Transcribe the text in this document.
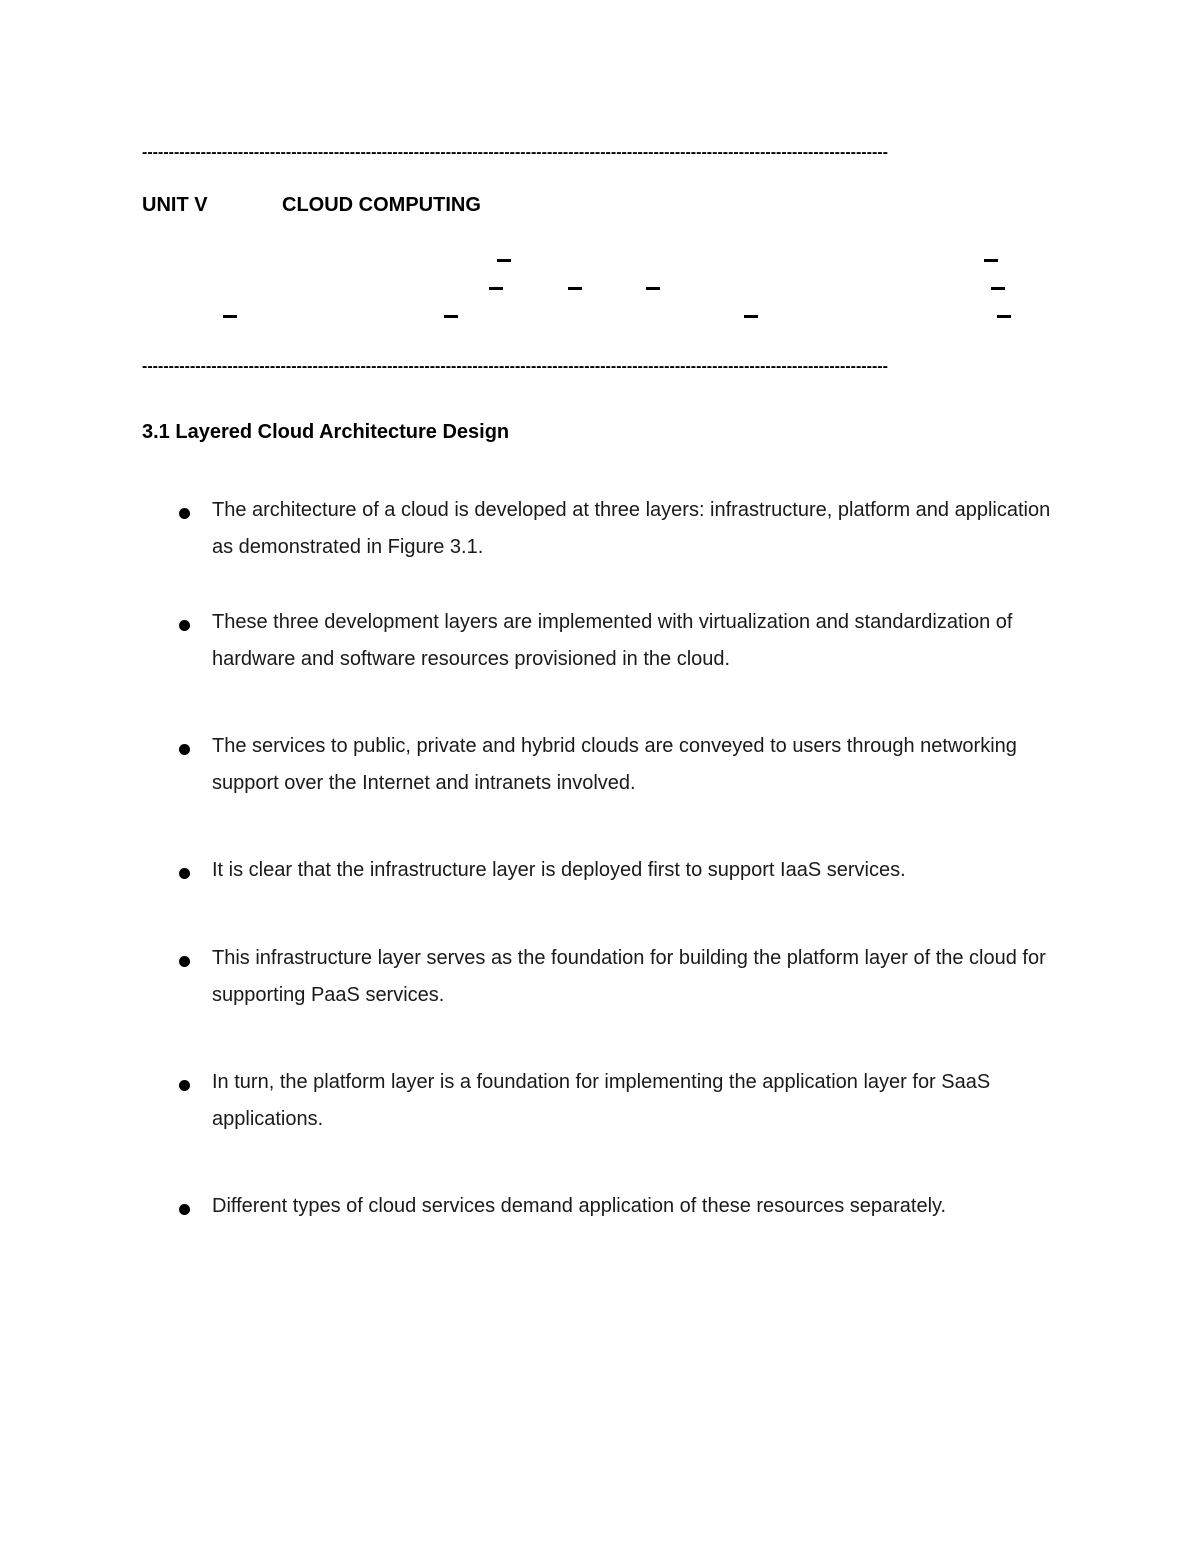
--------------------------------------------------------------------------------------------------------------------------------------------
UNIT V	CLOUD COMPUTING
--------------------------------------------------------------------------------------------------------------------------------------------
3.1 Layered Cloud Architecture Design
The architecture of a cloud is developed at three layers: infrastructure, platform and application as demonstrated in Figure 3.1.
These three development layers are implemented with virtualization and standardization of hardware and software resources provisioned in the cloud.
The services to public, private and hybrid clouds are conveyed to users through networking support over the Internet and intranets involved.
It is clear that the infrastructure layer is deployed first to support IaaS services.
This infrastructure layer serves as the foundation for building the platform layer of the cloud for supporting PaaS services.
In turn, the platform layer is a foundation for implementing the application layer for SaaS applications.
Different types of cloud services demand application of these resources separately.
